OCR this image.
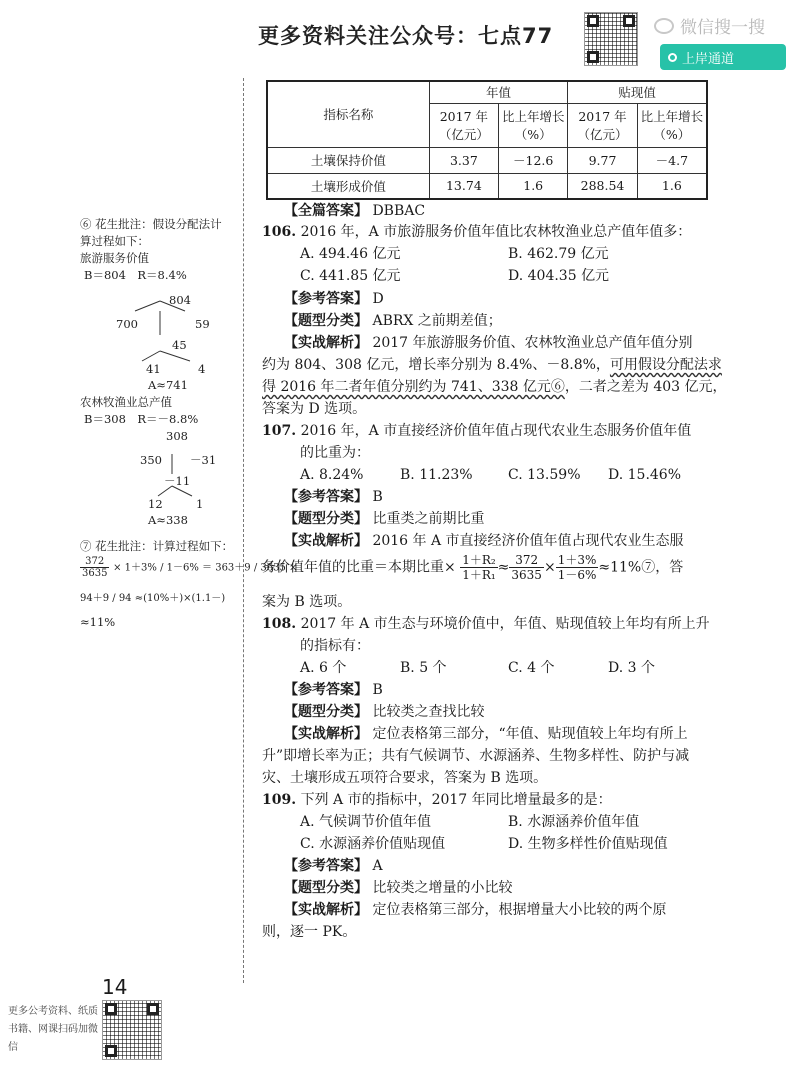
更多资料关注公众号：七点77	微信搜一搜
上岸通道
指标名称	年值		贴现值	
	2017 年（亿元）	比上年增长（%）	2017 年（亿元）	比上年增长（%）
土壤保持价值	3.37	－12.6	9.77	－4.7
土壤形成价值	13.74	1.6	288.54	1.6
【全篇答案】 DBBAC
106. 2016 年，A 市旅游服务价值年值比农林牧渔业总产值年值多：
A. 494.46 亿元	B. 462.79 亿元
C. 441.85 亿元	D. 404.35 亿元
【参考答案】 D
【题型分类】 ABRX 之前期差值；
【实战解析】 2017 年旅游服务价值、农林牧渔业总产值年值分别
约为 804、308 亿元，增长率分别为 8.4%、－8.8%，可用假设分配法求
得 2016 年二者年值分别约为 741、338 亿元⑥，二者之差为 403 亿元，
答案为 D 选项。
107. 2016 年，A 市直接经济价值年值占现代农业生态服务价值年值
的比重为：
A. 8.24%	B. 11.23%	C. 13.59% D. 15.46%
【参考答案】 B
【题型分类】 比重类之前期比重
【实战解析】 2016 年 A 市直接经济价值年值占现代农业生态服
务价值年值的比重＝本期比重× $\frac{\text{1＋R₂}}{\text{1＋R₁}} \approx \frac{372}{3635} \times \frac{1+3\%}{1-6\%}$ ≈11%⑦，答
案为 B 选项。
108. 2017 年 A 市生态与环境价值中，年值、贴现值较上年均有所上升
的指标有：
A. 6 个	B. 5 个	C. 4 个	D. 3 个
【参考答案】 B
【题型分类】 比较类之查找比较
【实战解析】 定位表格第三部分，“年值、贴现值较上年均有所上
升”即增长率为正；共有气候调节、水源涵养、生物多样性、防护与减
灾、土壤形成五项符合要求，答案为 B 选项。
109. 下列 A 市的指标中，2017 年同比增量最多的是：
A. 气候调节价值年值	B. 水源涵养价值年值
C. 水源涵养价值贴现值	D. 生物多样性价值贴现值
【参考答案】 A
【题型分类】 比较类之增量的小比较
【实战解析】 定位表格第三部分，根据增量大小比较的两个原
则，逐一 PK。
⑥ 花生批注：假设分配法计
算过程如下：
旅游服务价值
B＝804　R＝8.4%
804
700	59
45
41	4
A≈741
农林牧渔业总产值
B＝308　R＝－8.8%
308
350 －31
－11
12	1
A≈338
⑦ 花生批注：计算过程如下：
$\frac{372}{3635} \times 1+3\% / 1-6\% = 363+9 / 3635$ ×
94＋9 / 94 ≈(10%＋)×(1.1－)
≈11%
14
更多公考资料、纸质书籍、网课扫码加微信
